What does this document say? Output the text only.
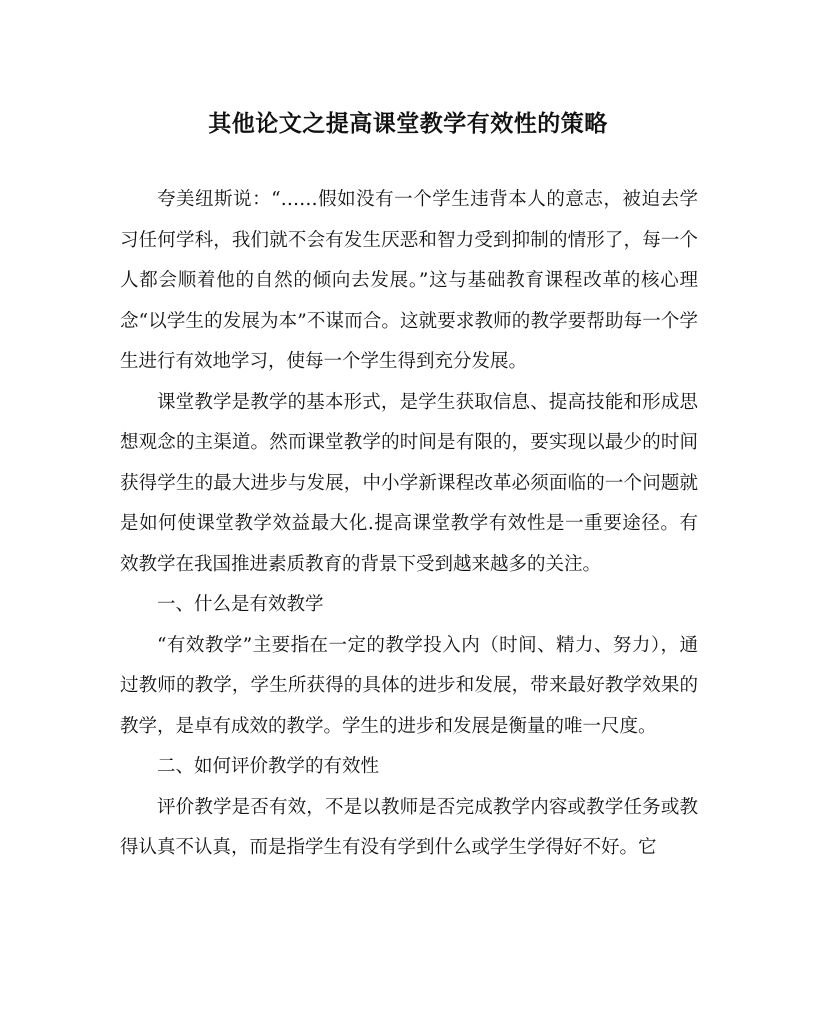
其他论文之提高课堂教学有效性的策略

夸美纽斯说：“……假如没有一个学生违背本人的意志，被迫去学习任何学科，我们就不会有发生厌恶和智力受到抑制的情形了，每一个人都会顺着他的自然的倾向去发展。”这与基础教育课程改革的核心理念“以学生的发展为本”不谋而合。这就要求教师的教学要帮助每一个学生进行有效地学习，使每一个学生得到充分发展。

课堂教学是教学的基本形式，是学生获取信息、提高技能和形成思想观念的主渠道。然而课堂教学的时间是有限的，要实现以最少的时间获得学生的最大进步与发展，中小学新课程改革必须面临的一个问题就是如何使课堂教学效益最大化.提高课堂教学有效性是一重要途径。有效教学在我国推进素质教育的背景下受到越来越多的关注。

一、什么是有效教学

“有效教学”主要指在一定的教学投入内（时间、精力、努力），通过教师的教学，学生所获得的具体的进步和发展，带来最好教学效果的教学，是卓有成效的教学。学生的进步和发展是衡量的唯一尺度。

二、如何评价教学的有效性

评价教学是否有效，不是以教师是否完成教学内容或教学任务或教得认真不认真，而是指学生有没有学到什么或学生学得好不好。它
